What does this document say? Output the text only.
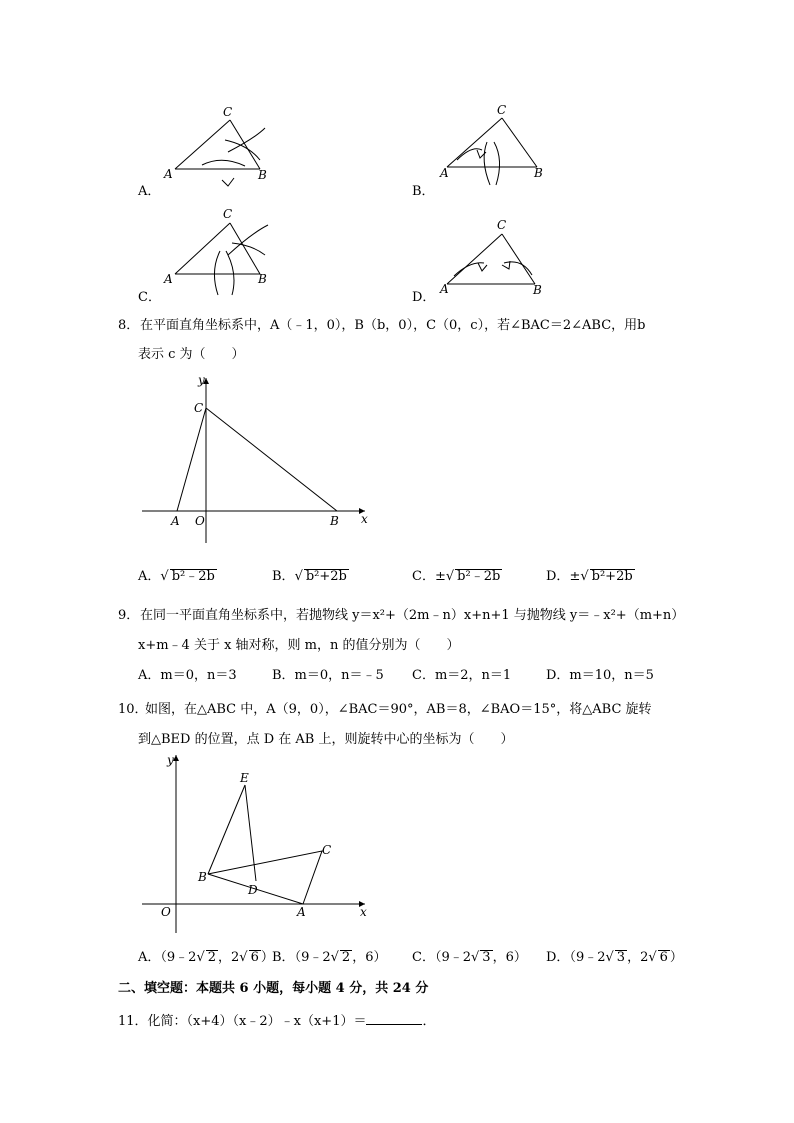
A．
A	B
C
B．
A	B
C
C．
A	B
C
D．
A	B
C
8． 在平面直角坐标系中，A（﹣1，0），B（b，0），C（0，c），若∠BAC＝2∠ABC，用b
表示 c 为（　　）
y
x
C
A O	B
A．√ b²﹣2b	B．√ b²+2b	C．±√ b²﹣2b	D．±√ b²+2b
9． 在同一平面直角坐标系中，若抛物线 y＝x²+（2m﹣n）x+n+1 与抛物线 y＝﹣x²+（m+n）
x+m﹣4 关于 x 轴对称，则 m，n 的值分别为（　　）
A．m＝0，n＝3	B．m＝0，n＝﹣5 C．m＝2，n＝1	D．m＝10，n＝5
10．
如图，在△ABC 中，A（9，0），∠BAC＝90°，AB＝8，∠BAO＝15°，将△ABC 旋转
到△BED 的位置，点 D 在 AB 上，则旋转中心的坐标为（　　）
y
x
O
E
C
B
D
A
A．（9﹣2√ 2 ，2√ 6 ）
B．（9﹣2√ 2 ，6） C．（9﹣2√ 3 ，6） D．（9﹣2√ 3 ，2√ 6 ）
二、填空题：本题共 6 小题，每小题 4 分，共 24 分
11．化简：（x+4）（x﹣2）﹣x（x+1）＝	．
